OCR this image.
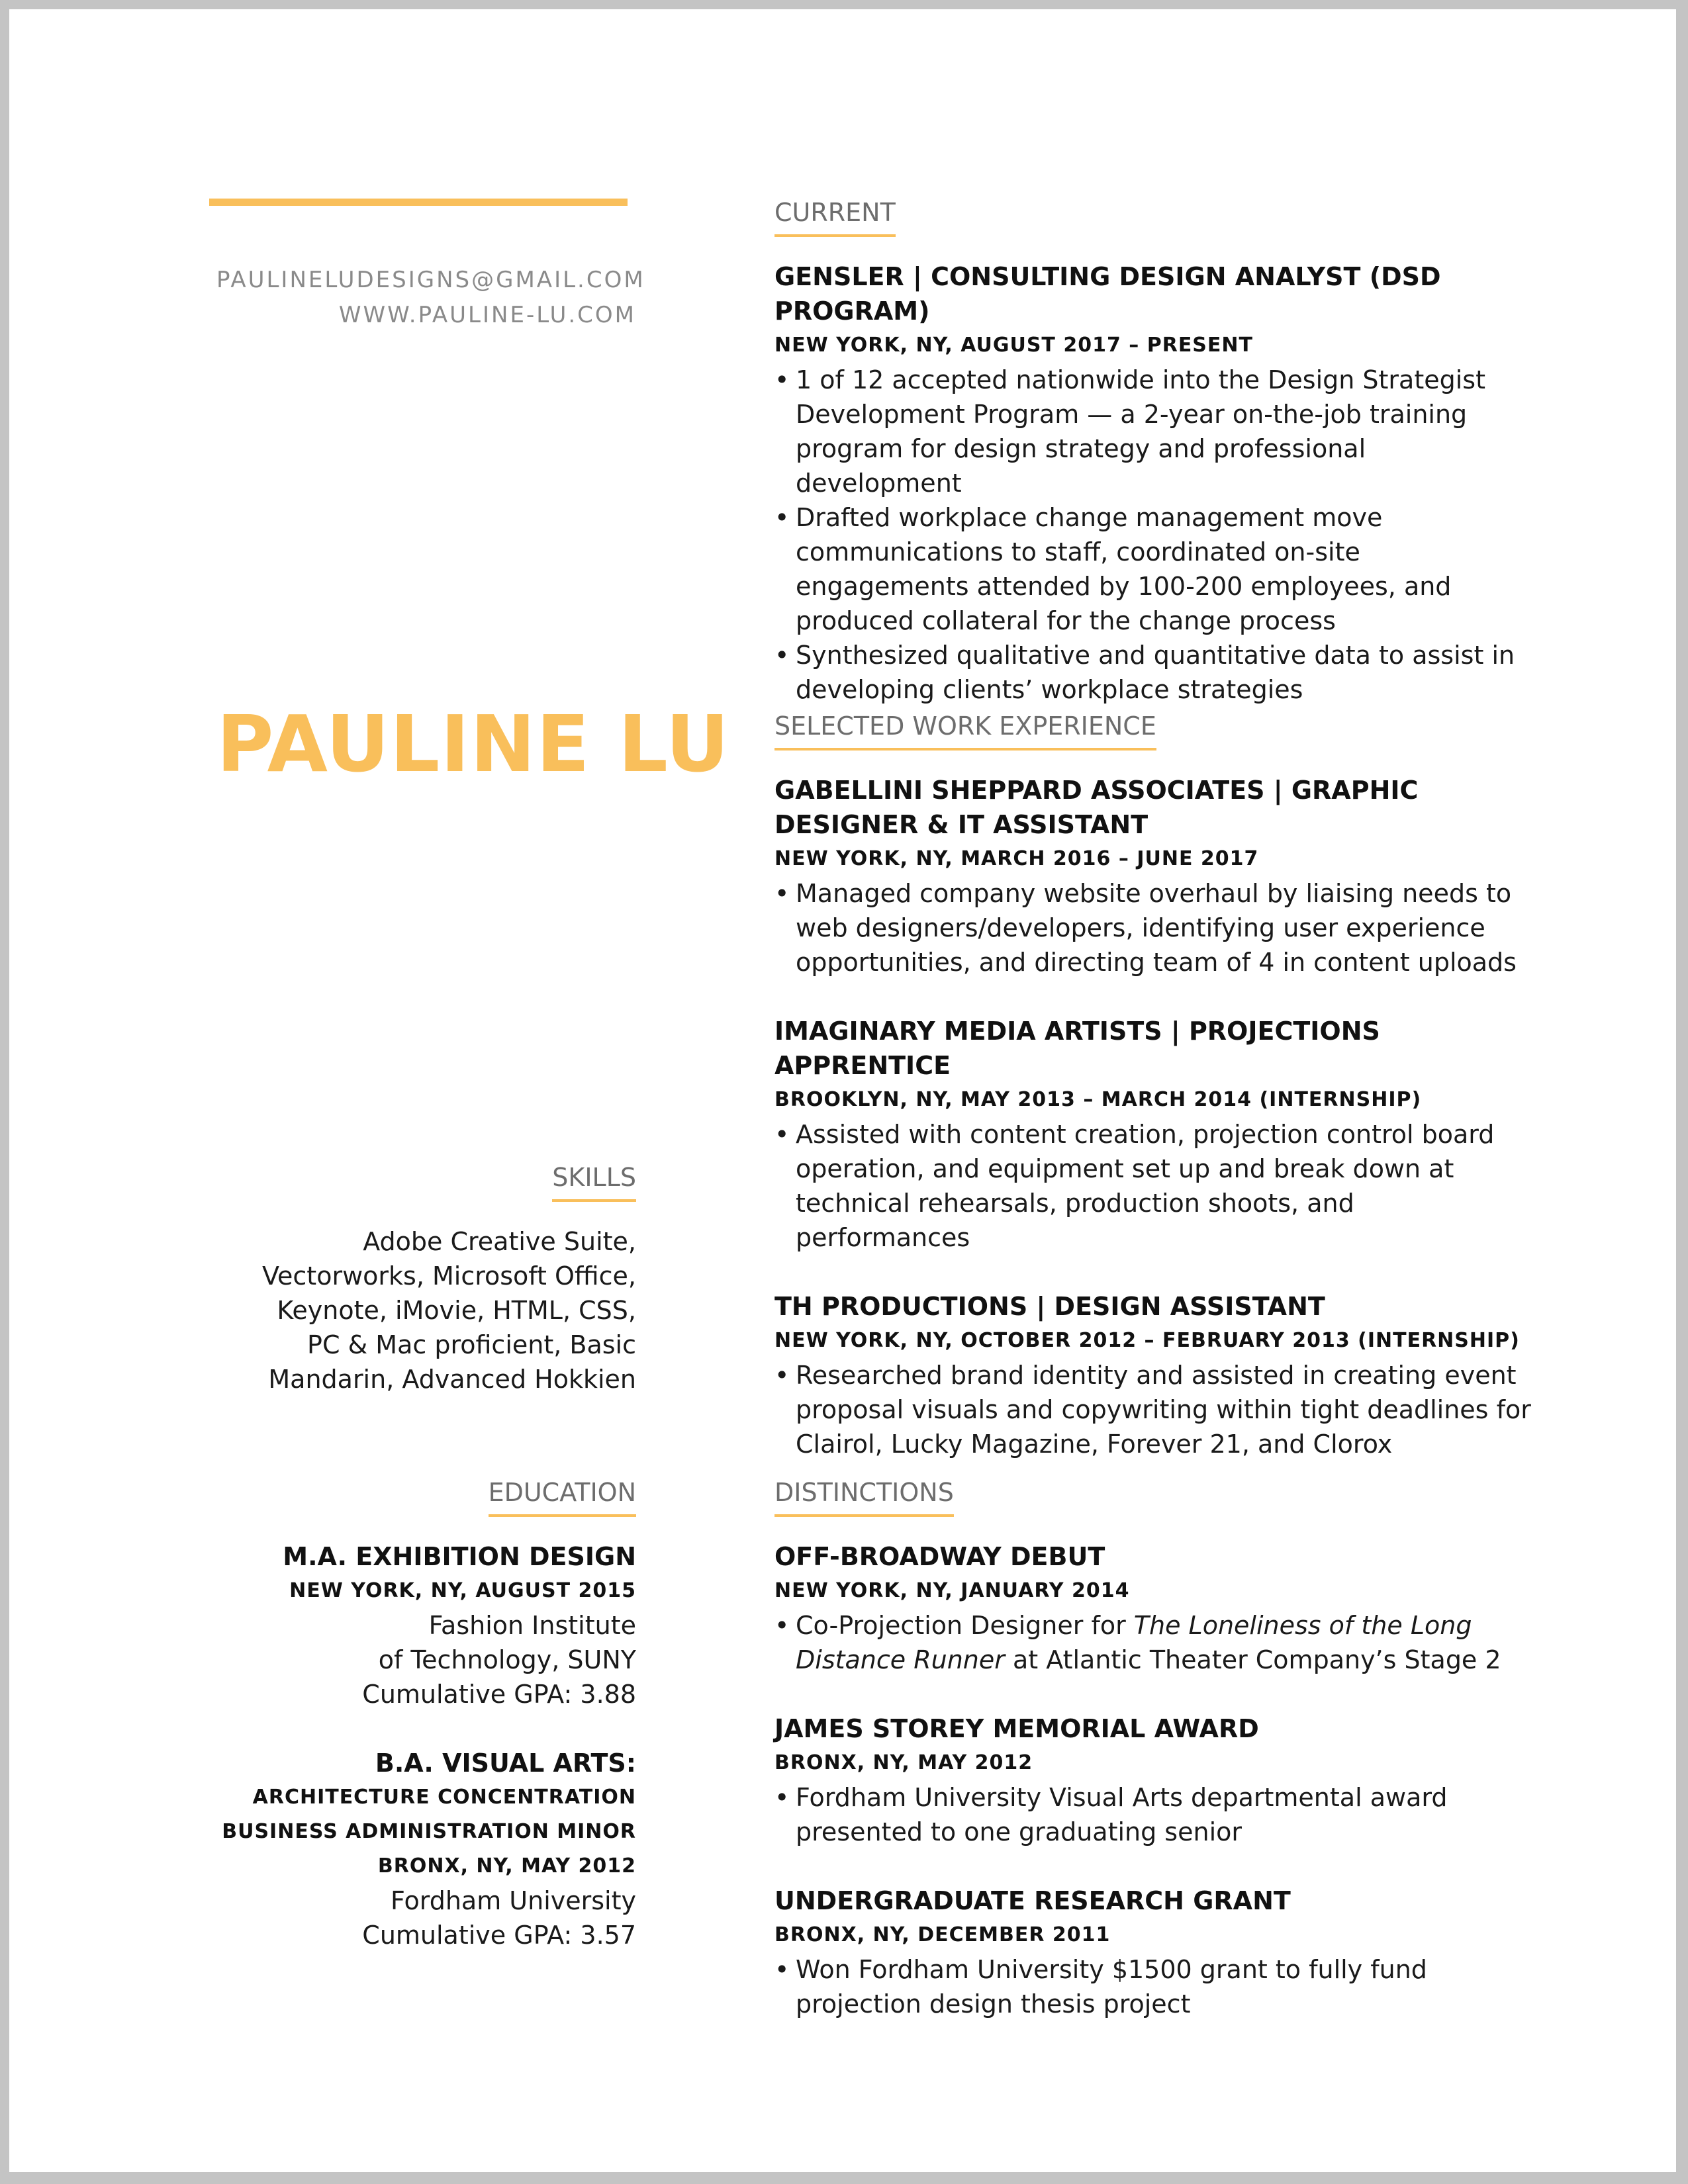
PAULINELUDESIGNS@GMAIL.COM
WWW.PAULINE-LU.COM
PAULINE LU
SKILLS
Adobe Creative Suite,
Vectorworks, Microsoft Office,
Keynote, iMovie, HTML, CSS,
PC & Mac proficient, Basic
Mandarin, Advanced Hokkien
EDUCATION
M.A. EXHIBITION DESIGN
NEW YORK, NY, AUGUST 2015
Fashion Institute
of Technology, SUNY
Cumulative GPA: 3.88
B.A. VISUAL ARTS:
ARCHITECTURE CONCENTRATION
BUSINESS ADMINISTRATION MINOR
BRONX, NY, MAY 2012
Fordham University
Cumulative GPA: 3.57
CURRENT
GENSLER | CONSULTING DESIGN ANALYST (DSD PROGRAM)
NEW YORK, NY, AUGUST 2017 – PRESENT
• 1 of 12 accepted nationwide into the Design Strategist Development Program — a 2-year on-the-job training program for design strategy and professional development
• Drafted workplace change management move communications to staff, coordinated on-site engagements attended by 100-200 employees, and produced collateral for the change process
• Synthesized qualitative and quantitative data to assist in developing clients’ workplace strategies
SELECTED WORK EXPERIENCE
GABELLINI SHEPPARD ASSOCIATES | GRAPHIC DESIGNER & IT ASSISTANT
NEW YORK, NY, MARCH 2016 – JUNE 2017
• Managed company website overhaul by liaising needs to web designers/developers, identifying user experience opportunities, and directing team of 4 in content uploads
IMAGINARY MEDIA ARTISTS | PROJECTIONS APPRENTICE
BROOKLYN, NY, MAY 2013 – MARCH 2014 (INTERNSHIP)
• Assisted with content creation, projection control board operation, and equipment set up and break down at technical rehearsals, production shoots, and performances
TH PRODUCTIONS | DESIGN ASSISTANT
NEW YORK, NY, OCTOBER 2012 – FEBRUARY 2013 (INTERNSHIP)
• Researched brand identity and assisted in creating event proposal visuals and copywriting within tight deadlines for Clairol, Lucky Magazine, Forever 21, and Clorox
DISTINCTIONS
OFF-BROADWAY DEBUT
NEW YORK, NY, JANUARY 2014
• Co-Projection Designer for The Loneliness of the Long Distance Runner at Atlantic Theater Company’s Stage 2
JAMES STOREY MEMORIAL AWARD
BRONX, NY, MAY 2012
• Fordham University Visual Arts departmental award presented to one graduating senior
UNDERGRADUATE RESEARCH GRANT
BRONX, NY, DECEMBER 2011
• Won Fordham University $1500 grant to fully fund projection design thesis project
